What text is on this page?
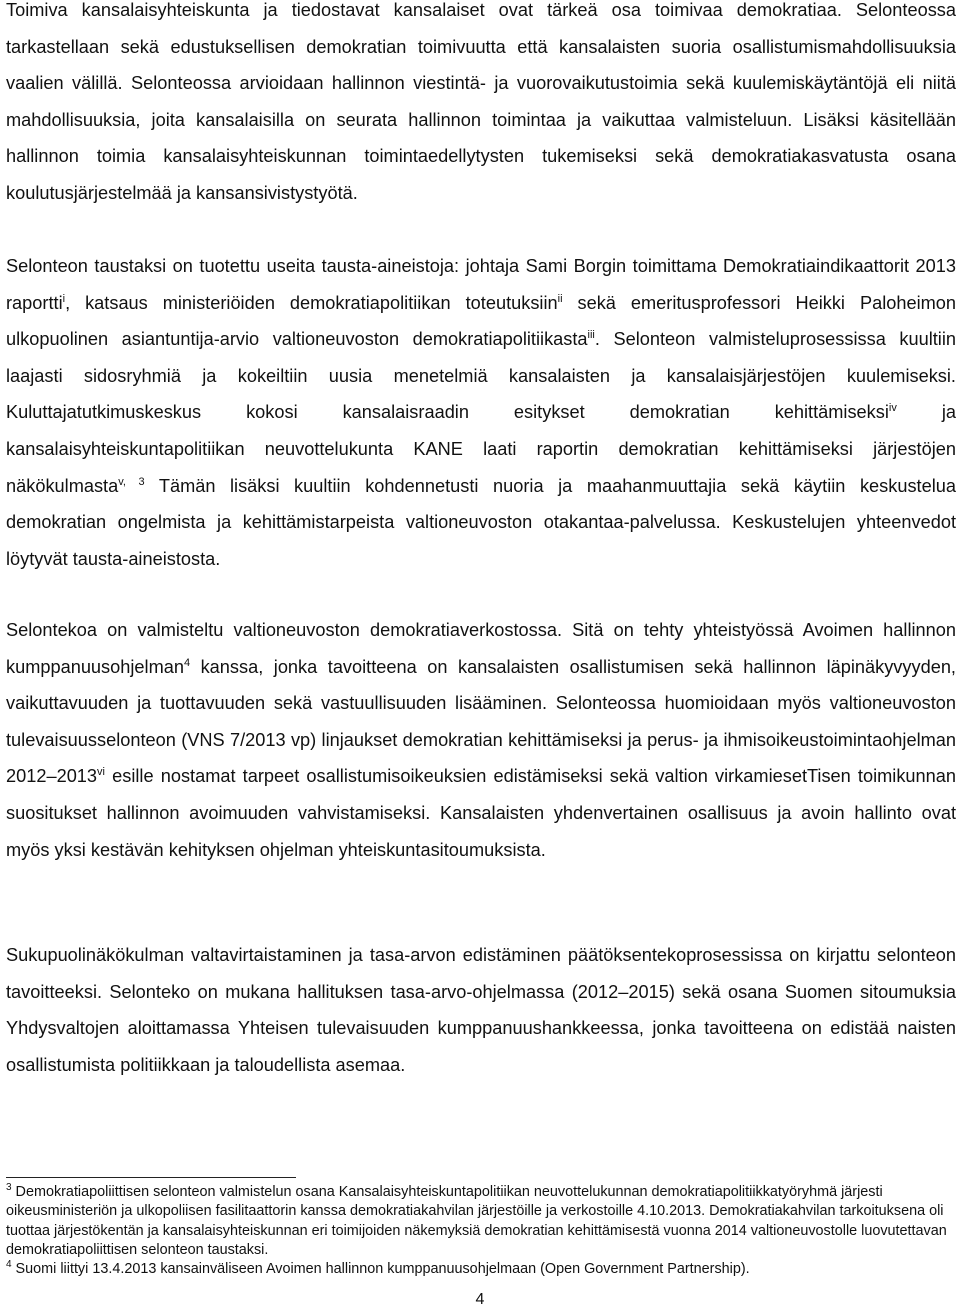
Toimiva kansalaisyhteiskunta ja tiedostavat kansalaiset ovat tärkeä osa toimivaa demokratiaa. Selonteossa tarkastellaan sekä edustuksellisen demokratian toimivuutta että kansalaisten suoria osallistumismahdollisuuksia vaalien välillä. Selonteossa arvioidaan hallinnon viestintä- ja vuorovaikutustoimia sekä kuulemiskäytäntöjä eli niitä mahdollisuuksia, joita kansalaisilla on seurata hallinnon toimintaa ja vaikuttaa valmisteluun. Lisäksi käsitellään hallinnon toimia kansalaisyhteiskunnan toimintaedellytysten tukemiseksi sekä demokratiakasvatusta osana koulutusjärjestelmää ja kansansivistystyötä.

Selonteon taustaksi on tuotettu useita tausta-aineistoja: johtaja Sami Borgin toimittama Demokratiaindikaattorit 2013 raportti$^i$, katsaus ministeriöiden demokratiapolitiikan toteutuksiin$^{ii}$ sekä emeritusprofessori Heikki Paloheimon ulkopuolinen asiantuntija-arvio valtioneuvoston demokratiapolitiikasta$^{iii}$. Selonteon valmisteluprosessissa kuultiin laajasti sidosryhmiä ja kokeiltiin uusia menetelmiä kansalaisten ja kansalaisjärjestöjen kuulemiseksi. Kuluttajatutkimuskeskus kokosi kansalaisraadin esitykset demokratian kehittämiseksi$^{iv}$ ja kansalaisyhteiskuntapolitiikan neuvottelukunta KANE laati raportin demokratian kehittämiseksi järjestöjen näkökulmasta$^{v, 3}$ Tämän lisäksi kuultiin kohdennetusti nuoria ja maahanmuuttajia sekä käytiin keskustelua demokratian ongelmista ja kehittämistarpeista valtioneuvoston otakantaa-palvelussa. Keskustelujen yhteenvedot löytyvät tausta-aineistosta.

Selontekoa on valmisteltu valtioneuvoston demokratiaverkostossa. Sitä on tehty yhteistyössä Avoimen hallinnon kumppanuusohjelman$^4$ kanssa, jonka tavoitteena on kansalaisten osallistumisen sekä hallinnon läpinäkyvyyden, vaikuttavuuden ja tuottavuuden sekä vastuullisuuden lisääminen. Selonteossa huomioidaan myös valtioneuvoston tulevaisuusselonteon (VNS 7/2013 vp) linjaukset demokratian kehittämiseksi ja perus- ja ihmisoikeustoimintaohjelman 2012–2013$^{vi}$ esille nostamat tarpeet osallistumisoikeuksien edistämiseksi sekä valtion virkamiesetTisen toimikunnan suositukset hallinnon avoimuuden vahvistamiseksi. Kansalaisten yhdenvertainen osallisuus ja avoin hallinto ovat myös yksi kestävän kehityksen ohjelman yhteiskuntasitoumuksista.

Sukupuolinäkökulman valtavirtaistaminen ja tasa-arvon edistäminen päätöksentekoprosessissa on kirjattu selonteon tavoitteeksi. Selonteko on mukana hallituksen tasa-arvo-ohjelmassa (2012–2015) sekä osana Suomen sitoumuksia Yhdysvaltojen aloittamassa Yhteisen tulevaisuuden kumppanuushankkeessa, jonka tavoitteena on edistää naisten osallistumista politiikkaan ja taloudellista asemaa.

$^3$ Demokratiapoliittisen selonteon valmistelun osana Kansalaisyhteiskuntapolitiikan neuvottelukunnan demokratiapolitiikkatyöryhmä järjesti oikeusministeriön ja ulkopoliisen fasilitaattorin kanssa demokratiakahvilan järjestöille ja verkostoille 4.10.2013. Demokratiakahvilan tarkoituksena oli tuottaa järjestökentän ja kansalaisyhteiskunnan eri toimijoiden näkemyksiä demokratian kehittämisestä vuonna 2014 valtioneuvostolle luovutettavan demokratiapoliittisen selonteon taustaksi.

$^4$ Suomi liittyi 13.4.2013 kansainväliseen Avoimen hallinnon kumppanuusohjelmaan (Open Government Partnership).

4
